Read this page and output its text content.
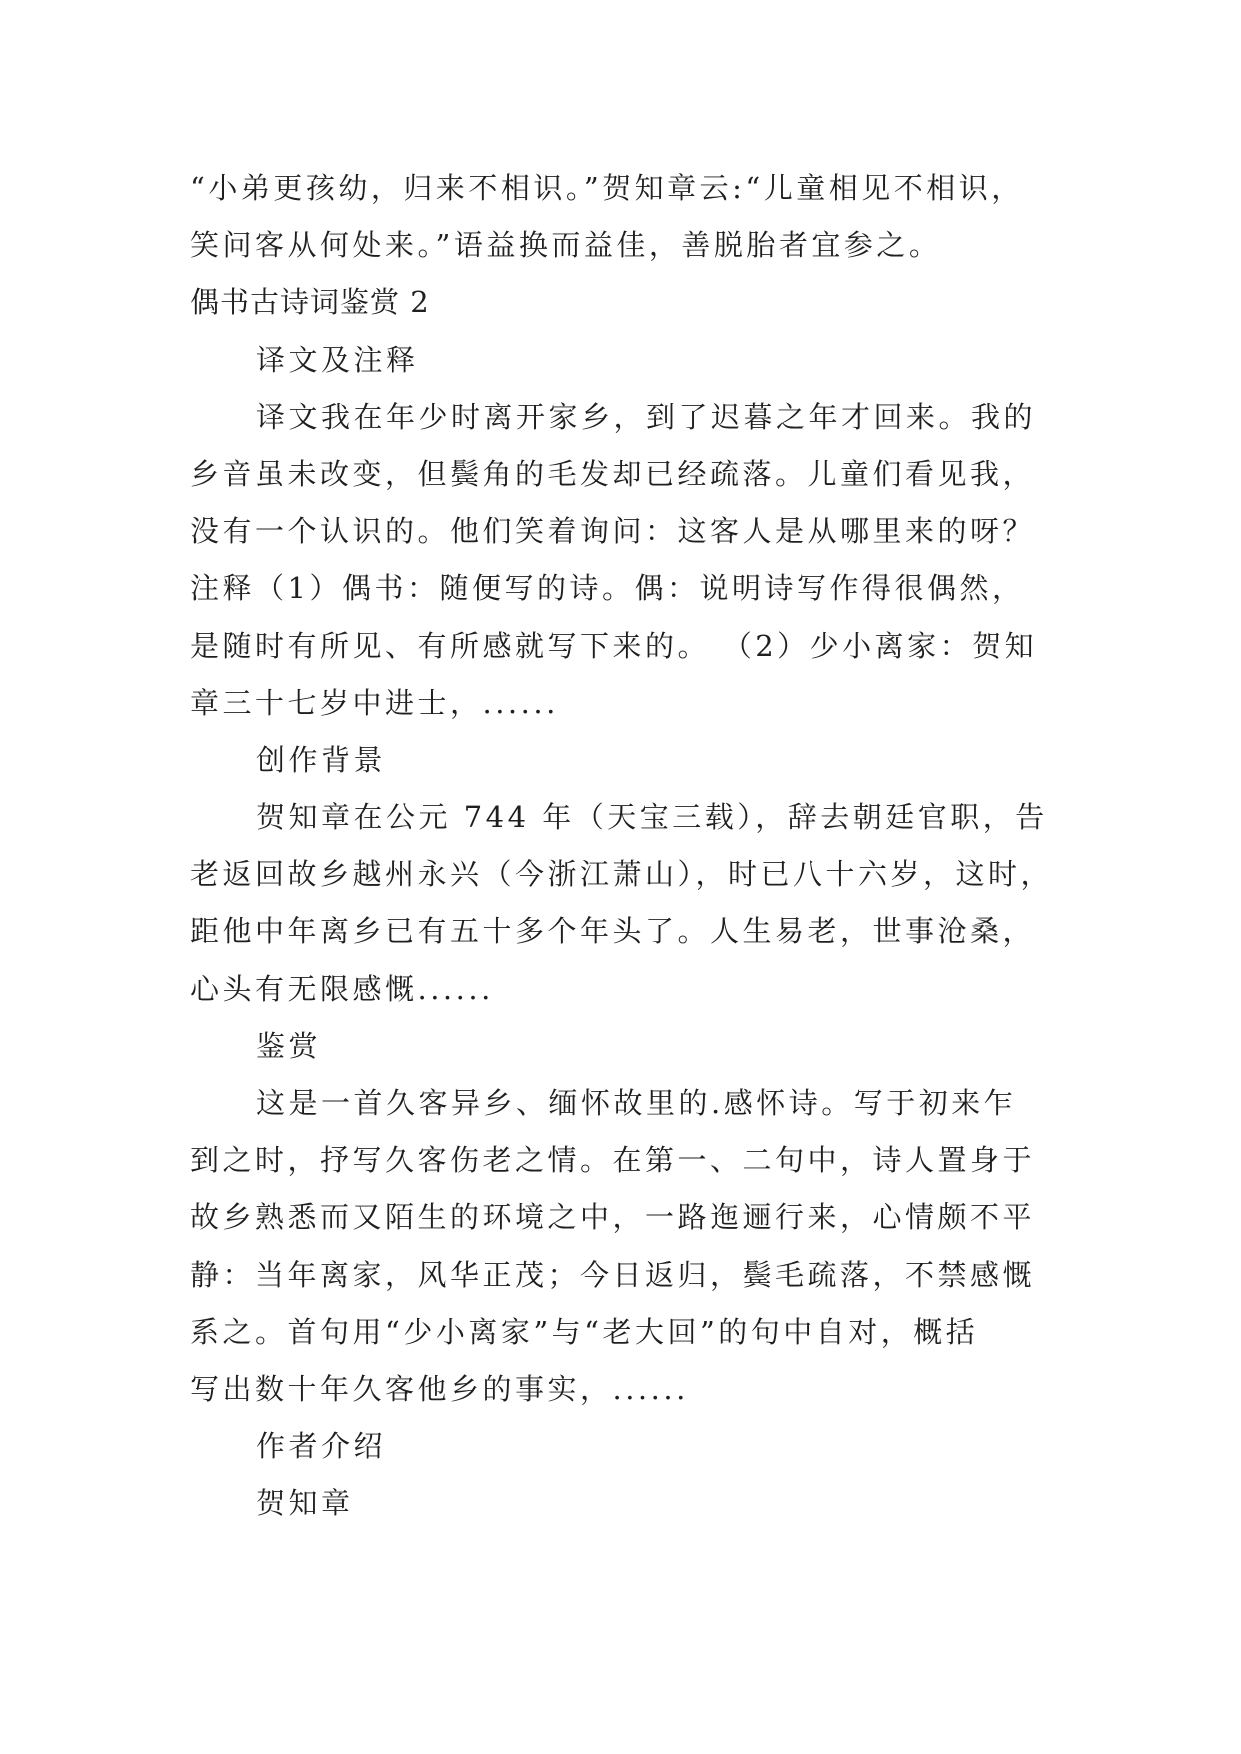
“小弟更孩幼，归来不相识。”贺知章云:“儿童相见不相识，
笑问客从何处来。”语益换而益佳，善脱胎者宜参之。
偶书古诗词鉴赏 2
译文及注释
译文我在年少时离开家乡，到了迟暮之年才回来。我的
乡音虽未改变，但鬓角的毛发却已经疏落。儿童们看见我，
没有一个认识的。他们笑着询问：这客人是从哪里来的呀？
注释（1）偶书：随便写的诗。偶：说明诗写作得很偶然，
是随时有所见、有所感就写下来的。 （2）少小离家：贺知
章三十七岁中进士，......
创作背景
贺知章在公元 744 年（天宝三载），辞去朝廷官职，告
老返回故乡越州永兴（今浙江萧山），时已八十六岁，这时，
距他中年离乡已有五十多个年头了。人生易老，世事沧桑，
心头有无限感慨......
鉴赏
这是一首久客异乡、缅怀故里的.感怀诗。写于初来乍
到之时，抒写久客伤老之情。在第一、二句中，诗人置身于
故乡熟悉而又陌生的环境之中，一路迤逦行来，心情颇不平
静：当年离家，风华正茂；今日返归，鬓毛疏落，不禁感慨
系之。首句用“少小离家”与“老大回”的句中自对，概括
写出数十年久客他乡的事实，......
作者介绍
贺知章
